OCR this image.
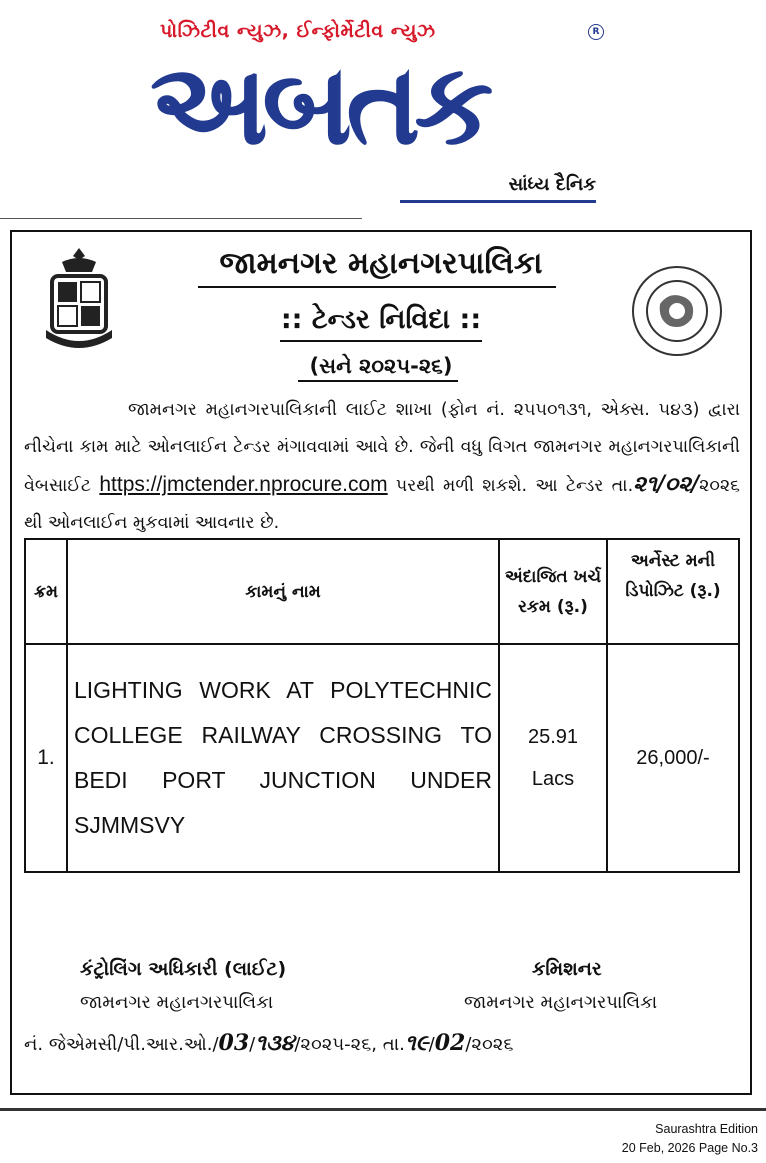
પોઝિટીવ ન્યુઝ, ઈન્ફોર્મેટીવ ન્યુઝ	R
અબતક
સાંધ્ય દૈનિક
જામનગર મહાનગરપાલિકા
:: ટેન્ડર નિવિદા ::
(સને ૨૦૨૫-૨૬)
જામનગર મહાનગરપાલિકાની લાઈટ શાખા (ફોન નં. ૨૫૫૦૧૩૧, એક્સ. ૫૪૩) દ્વારા નીચેના કામ માટે ઓનલાઈન ટેન્ડર મંગાવવામાં આવે છે. જેની વધુ વિગત જામનગર મહાનગરપાલિકાની વેબસાઈટ https://jmctender.nprocure.com પરથી મળી શકશે. આ ટેન્ડર તા.૨૧/૦૨/૨૦૨૬ થી ઓનલાઈન મુકવામાં આવનાર છે.
ક્રમ	કામનું નામ	અંદાજિત ખર્ચ રકમ (રૂ.)	અર્નેસ્ટ મની ડિપોઝિટ (રૂ.)
1.	LIGHTING WORK AT POLYTECHNIC COLLEGE RAILWAY CROSSING TO BEDI PORT JUNCTION UNDER SJMMSVY	25.91 Lacs	26,000/-
કંટ્રોલિંગ અધિકારી (લાઈટ)
જામનગર મહાનગરપાલિકા
કમિશનર
જામનગર મહાનગરપાલિકા
નં. જેએમસી/પી.આર.ઓ./03/૧૩૪/૨૦૨૫-૨૬, તા.૧૯/02/૨૦૨૬
Saurashtra Edition
20 Feb, 2026 Page No.3
